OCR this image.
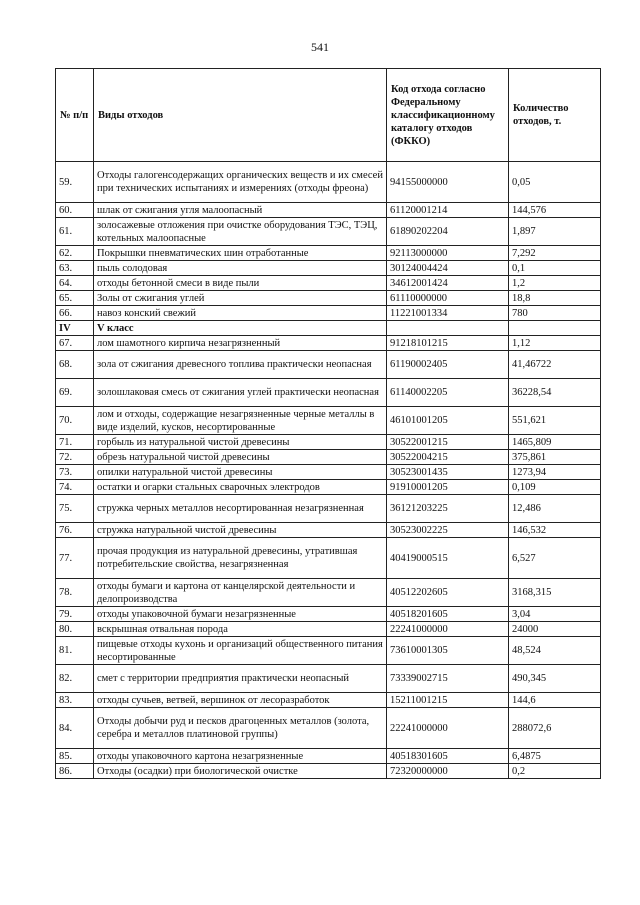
541
№ п/п	Виды отходов	Код отхода согласно Федеральному классификационному каталогу отходов (ФККО)	Количество отходов, т.
59.	Отходы галогенсодержащих органических веществ и их смесей при технических испытаниях и измерениях (отходы фреона)	94155000000	0,05
60.	шлак от сжигания угля малоопасный	61120001214	144,576
61.	золосажевые отложения при очистке оборудования ТЭС, ТЭЦ, котельных малоопасные	61890202204	1,897
62.	Покрышки пневматических шин отработанные	92113000000	7,292
63.	пыль солодовая	30124004424	0,1
64.	отходы бетонной смеси в виде пыли	34612001424	1,2
65.	Золы от сжигания углей	61110000000	18,8
66.	навоз конский свежий	11221001334	780
IV	V класс		
67.	лом шамотного кирпича незагрязненный	91218101215	1,12
68.	зола от сжигания древесного топлива практически неопасная	61190002405	41,46722
69.	золошлаковая смесь от сжигания углей практически неопасная	61140002205	36228,54
70.	лом и отходы, содержащие незагрязненные черные металлы в виде изделий, кусков, несортированные	46101001205	551,621
71.	горбыль из натуральной чистой древесины	30522001215	1465,809
72.	обрезь натуральной чистой древесины	30522004215	375,861
73.	опилки натуральной чистой древесины	30523001435	1273,94
74.	остатки и огарки стальных сварочных электродов	91910001205	0,109
75.	стружка черных металлов несортированная незагрязненная	36121203225	12,486
76.	стружка натуральной чистой древесины	30523002225	146,532
77.	прочая продукция из натуральной древесины, утратившая потребительские свойства, незагрязненная	40419000515	6,527
78.	отходы бумаги и картона от канцелярской деятельности и делопроизводства	40512202605	3168,315
79.	отходы упаковочной бумаги незагрязненные	40518201605	3,04
80.	вскрышная отвальная порода	22241000000	24000
81.	пищевые отходы кухонь и организаций общественного питания несортированные	73610001305	48,524
82.	смет с территории предприятия практически неопасный	73339002715	490,345
83.	отходы сучьев, ветвей, вершинок от лесоразработок	15211001215	144,6
84.	Отходы добычи руд и песков драгоценных металлов (золота, серебра и металлов платиновой группы)	22241000000	288072,6
85.	отходы упаковочного картона незагрязненные	40518301605	6,4875
86.	Отходы (осадки) при биологической очистке	72320000000	0,2
